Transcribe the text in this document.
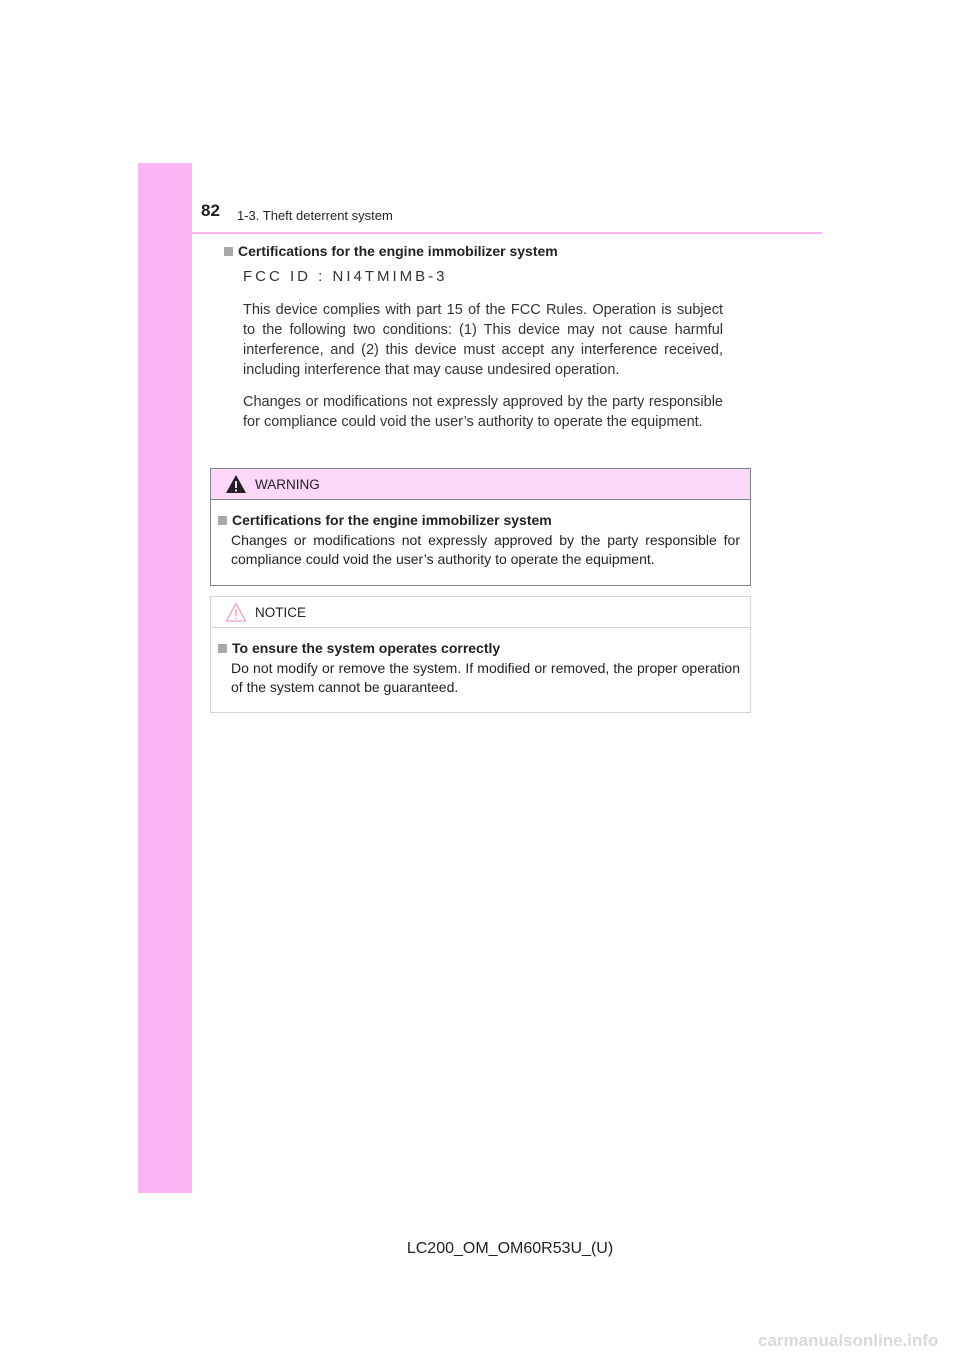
82 1-3. Theft deterrent system
Certifications for the engine immobilizer system
FCC ID : NI4TMIMB-3

This device complies with part 15 of the FCC Rules. Operation is subject to the following two conditions: (1) This device may not cause harmful interference, and (2) this device must accept any interference received, including interference that may cause undesired operation.

Changes or modifications not expressly approved by the party responsible for compliance could void the user’s authority to operate the equipment.

WARNING
Certifications for the engine immobilizer system

Changes or modifications not expressly approved by the party responsible for compliance could void the user’s authority to operate the equipment.

NOTICE
To ensure the system operates correctly

Do not modify or remove the system. If modified or removed, the proper operation of the system cannot be guaranteed.

LC200_OM_OM60R53U_(U)
carmanualsonline.info
